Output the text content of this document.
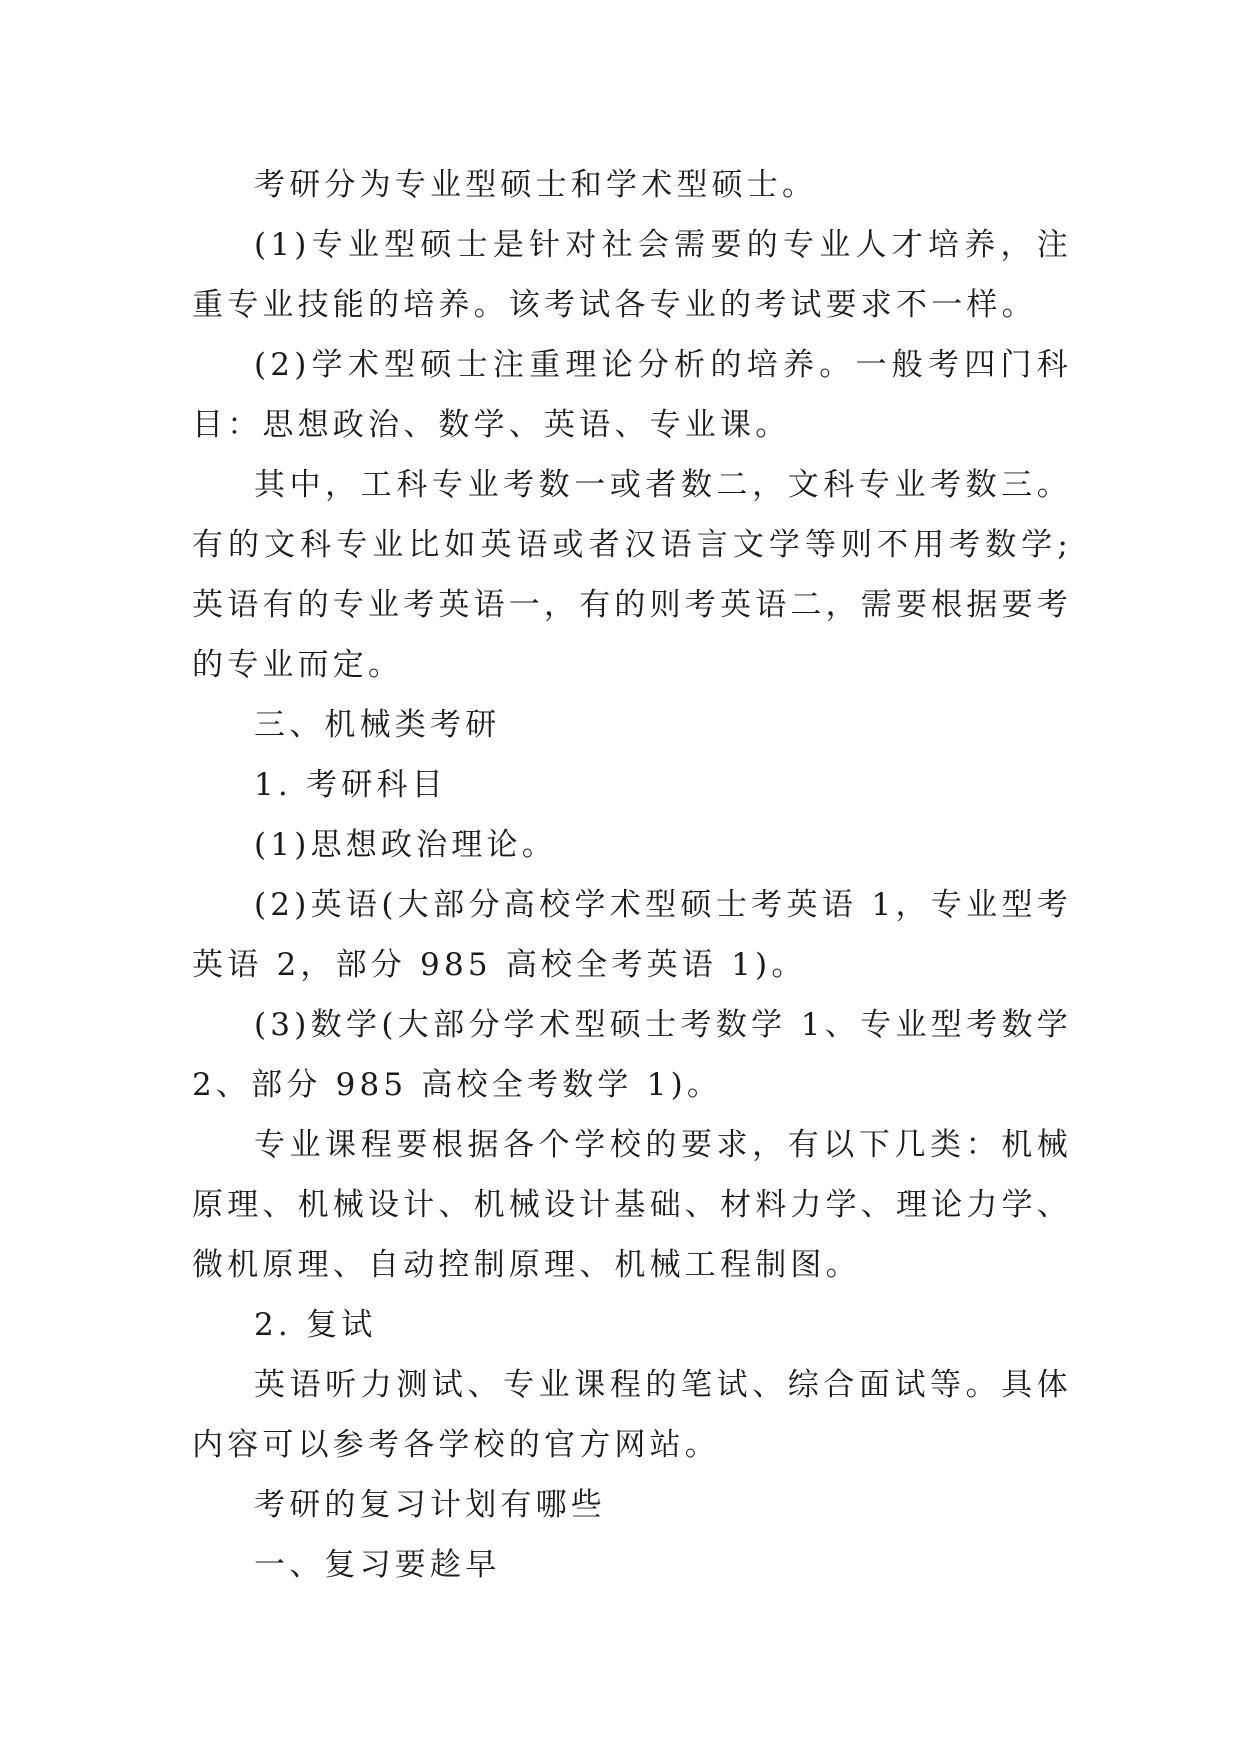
考研分为专业型硕士和学术型硕士。

(1)专业型硕士是针对社会需要的专业人才培养，注重专业技能的培养。该考试各专业的考试要求不一样。

(2)学术型硕士注重理论分析的培养。一般考四门科目：思想政治、数学、英语、专业课。

其中，工科专业考数一或者数二，文科专业考数三。有的文科专业比如英语或者汉语言文学等则不用考数学;英语有的专业考英语一，有的则考英语二，需要根据要考的专业而定。

三、机械类考研

1. 考研科目

(1)思想政治理论。

(2)英语(大部分高校学术型硕士考英语 1，专业型考英语 2，部分 985 高校全考英语 1)。

(3)数学(大部分学术型硕士考数学 1、专业型考数学 2、部分 985 高校全考数学 1)。

专业课程要根据各个学校的要求，有以下几类：机械原理、机械设计、机械设计基础、材料力学、理论力学、微机原理、自动控制原理、机械工程制图。

2. 复试

英语听力测试、专业课程的笔试、综合面试等。具体内容可以参考各学校的官方网站。

考研的复习计划有哪些

一、复习要趁早
